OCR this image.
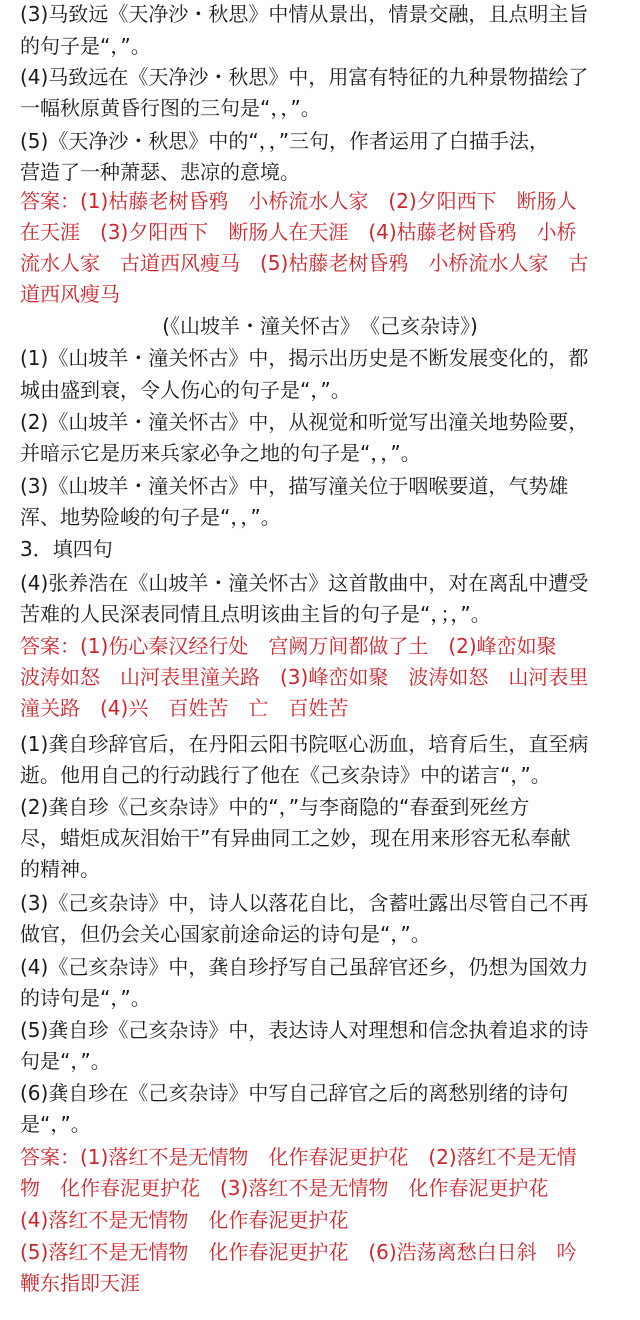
(3)马致远《天净沙・秋思》中情从景出，情景交融，且点明主旨
的句子是“，”。
(4)马致远在《天净沙・秋思》中，用富有特征的九种景物描绘了
一幅秋原黄昏行图的三句是“，，”。
(5)《天净沙・秋思》中的“，，”三句，作者运用了白描手法，
营造了一种萧瑟、悲凉的意境。
答案：(1)枯藤老树昏鸦　小桥流水人家　(2)夕阳西下　断肠人
在天涯　(3)夕阳西下　断肠人在天涯　(4)枯藤老树昏鸦　小桥
流水人家　古道西风瘦马　(5)枯藤老树昏鸦　小桥流水人家　古
道西风瘦马
(《山坡羊・潼关怀古》　《己亥杂诗》)
(1)《山坡羊・潼关怀古》中，揭示出历史是不断发展变化的，都
城由盛到衰，令人伤心的句子是“，”。
(2)《山坡羊・潼关怀古》中，从视觉和听觉写出潼关地势险要，
并暗示它是历来兵家必争之地的句子是“，，”。
(3)《山坡羊・潼关怀古》中，描写潼关位于咽喉要道，气势雄
浑、地势险峻的句子是“，，”。
3．填四句
(4)张养浩在《山坡羊・潼关怀古》这首散曲中，对在离乱中遭受
苦难的人民深表同情且点明该曲主旨的句子是“，；，”。
答案：(1)伤心秦汉经行处　宫阙万间都做了土　(2)峰峦如聚
波涛如怒　山河表里潼关路　(3)峰峦如聚　波涛如怒　山河表里
潼关路　(4)兴　百姓苦　亡　百姓苦
(1)龚自珍辞官后，在丹阳云阳书院呕心沥血，培育后生，直至病
逝。他用自己的行动践行了他在《己亥杂诗》中的诺言“，”。
(2)龚自珍《己亥杂诗》中的“，”与李商隐的“春蚕到死丝方
尽，蜡炬成灰泪始干”有异曲同工之妙，现在用来形容无私奉献
的精神。
(3)《己亥杂诗》中，诗人以落花自比，含蓄吐露出尽管自己不再
做官，但仍会关心国家前途命运的诗句是“，”。
(4)《己亥杂诗》中，龚自珍抒写自己虽辞官还乡，仍想为国效力
的诗句是“，”。
(5)龚自珍《己亥杂诗》中，表达诗人对理想和信念执着追求的诗
句是“，”。
(6)龚自珍在《己亥杂诗》中写自己辞官之后的离愁别绪的诗句
是“，”。
答案：(1)落红不是无情物　化作春泥更护花　(2)落红不是无情
物　化作春泥更护花　(3)落红不是无情物　化作春泥更护花
(4)落红不是无情物　化作春泥更护花
(5)落红不是无情物　化作春泥更护花　(6)浩荡离愁白日斜　吟
鞭东指即天涯
